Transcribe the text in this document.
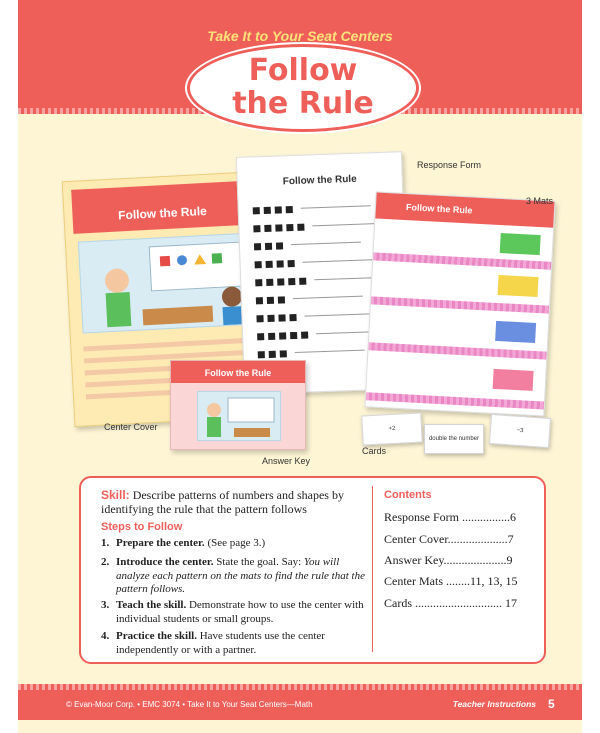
Take It to Your Seat Centers
Follow
the Rule
Follow the Rule
Follow the Rule
Follow the Rule
Follow the Rule
+2
double the number
−3
Response Form
3 Mats
Center Cover
Answer Key
Cards
Skill: Describe patterns of numbers and shapes by identifying the rule that the pattern follows
Steps to Follow
1. Prepare the center. (See page 3.)
2. Introduce the center. State the goal. Say: You will analyze each pattern on the mats to find the rule that the pattern follows.
3. Teach the skill. Demonstrate how to use the center with individual students or small groups.
4. Practice the skill. Have students use the center independently or with a partner.
Contents
Response Form ................6
Center Cover....................7
Answer Key.....................9
Center Mats ........11, 13, 15
Cards ............................. 17
© Evan-Moor Corp. • EMC 3074 • Take It to Your Seat Centers—Math	Teacher Instructions 5
